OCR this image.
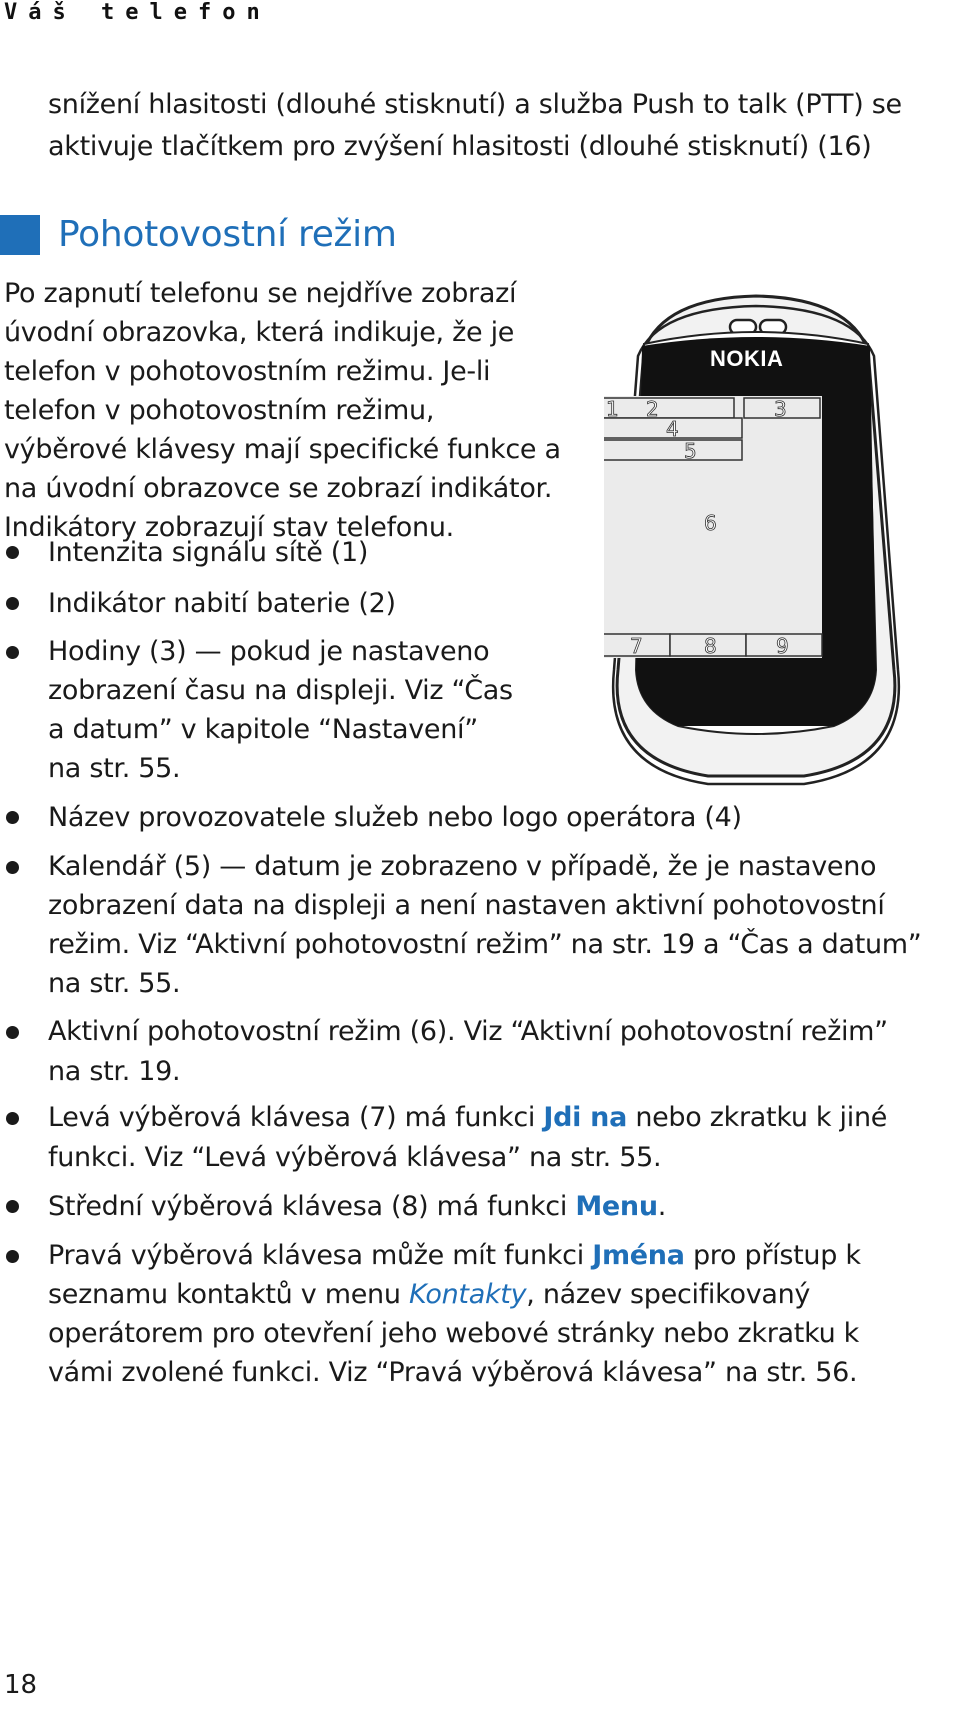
Váš telefon
snížení hlasitosti (dlouhé stisknutí) a služba Push to talk (PTT) se aktivuje tlačítkem pro zvýšení hlasitosti (dlouhé stisknutí) (16)
Pohotovostní režim
Po zapnutí telefonu se nejdříve zobrazí úvodní obrazovka, která indikuje, že je telefon v pohotovostním režimu. Je-li telefon v pohotovostním režimu, výběrové klávesy mají specifické funkce a na úvodní obrazovce se zobrazí indikátor. Indikátory zobrazují stav telefonu.
NOKIA
1 2	3
4
5
6
7	8	9
Intenzita signálu sítě (1)
Indikátor nabití baterie (2)
Hodiny (3) — pokud je nastaveno zobrazení času na displeji. Viz “Čas a datum” v kapitole “Nastavení” na str. 55.
Název provozovatele služeb nebo logo operátora (4)
Kalendář (5) — datum je zobrazeno v případě, že je nastaveno zobrazení data na displeji a není nastaven aktivní pohotovostní režim. Viz “Aktivní pohotovostní režim” na str. 19 a “Čas a datum” na str. 55.
Aktivní pohotovostní režim (6). Viz “Aktivní pohotovostní režim” na str. 19.
Levá výběrová klávesa (7) má funkci Jdi na nebo zkratku k jiné funkci. Viz “Levá výběrová klávesa” na str. 55.
Střední výběrová klávesa (8) má funkci Menu.
Pravá výběrová klávesa může mít funkci Jména pro přístup k seznamu kontaktů v menu Kontakty, název specifikovaný operátorem pro otevření jeho webové stránky nebo zkratku k vámi zvolené funkci. Viz “Pravá výběrová klávesa” na str. 56.
18
